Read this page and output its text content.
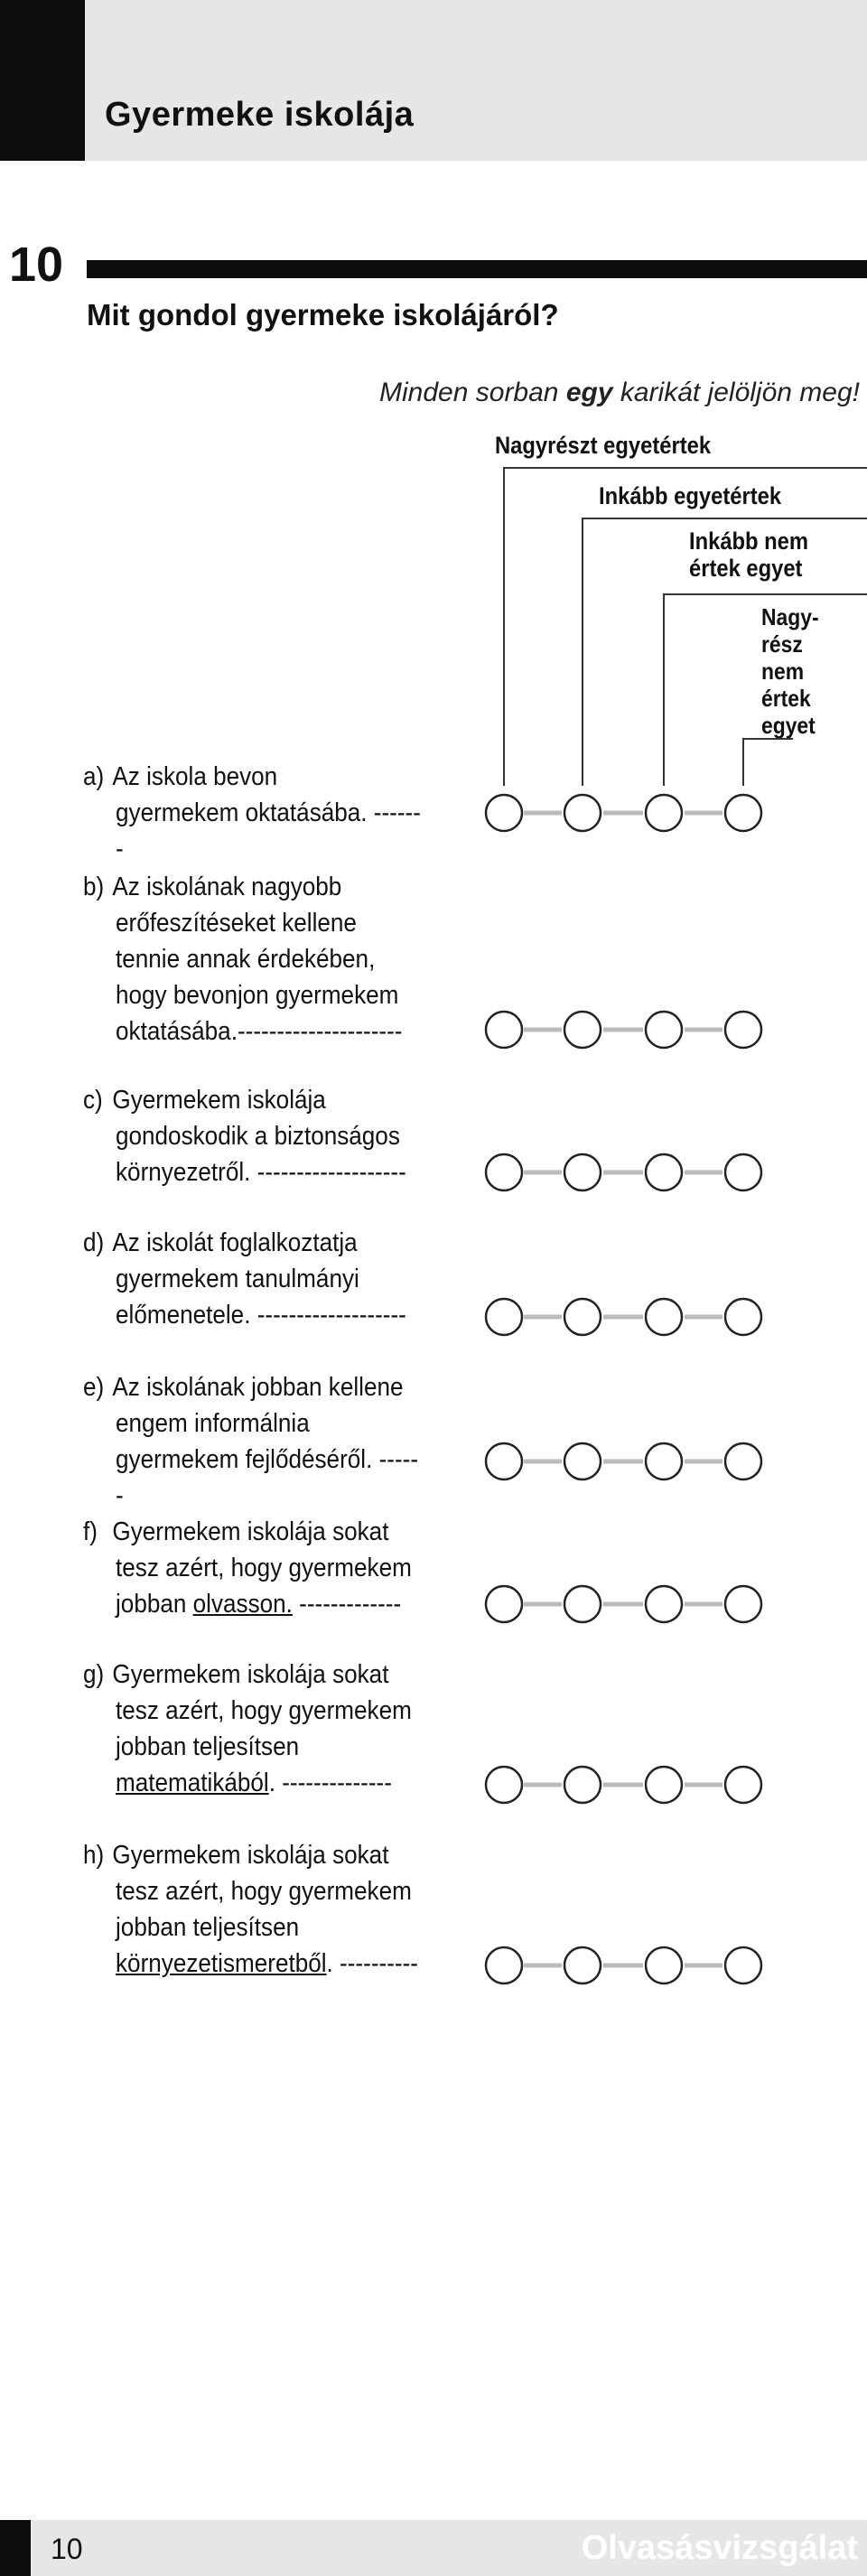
Gyermeke iskolája
10
Mit gondol gyermeke iskolájáról?
Minden sorban egy karikát jelöljön meg!
Nagyrészt egyetértek
Inkább egyetértek
Inkább nem
értek egyet
Nagy-
rész
nem
értek
egyet
a) Az iskola bevon
gyermekem oktatásába. -------
b) Az iskolának nagyobb
erőfeszítéseket kellene
tennie annak érdekében,
hogy bevonjon gyermekem
oktatásába.---------------------
c) Gyermekem iskolája
gondoskodik a biztonságos
környezetről. -------------------
d) Az iskolát foglalkoztatja
gyermekem tanulmányi
előmenetele. -------------------
e) Az iskolának jobban kellene
engem informálnia
gyermekem fejlődéséről. ------
f) Gyermekem iskolája sokat
tesz azért, hogy gyermekem
jobban olvasson. -------------
g) Gyermekem iskolája sokat
tesz azért, hogy gyermekem
jobban teljesítsen
matematikából. --------------
h) Gyermekem iskolája sokat
tesz azért, hogy gyermekem
jobban teljesítsen
környezetismeretből. ----------
10	Olvasásvizsgálat
